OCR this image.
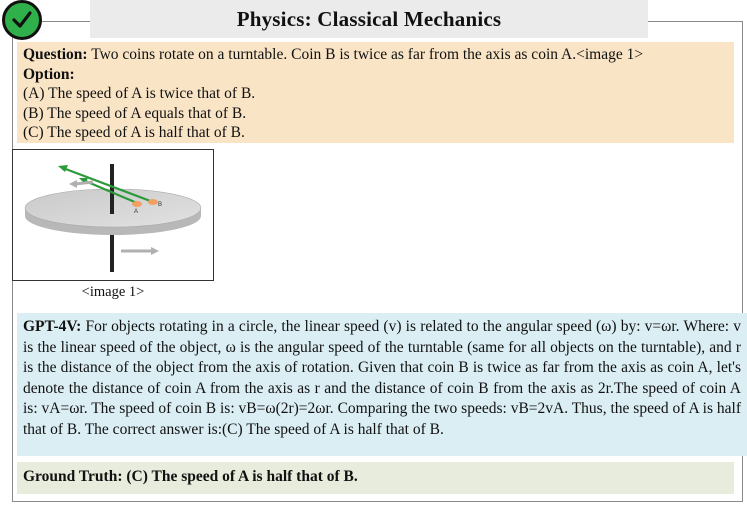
Physics: Classical Mechanics

Question: Two coins rotate on a turntable. Coin B is twice as far from the axis as coin A.<image 1>

Option:

(A) The speed of A is twice that of B.

(B) The speed of A equals that of B.

(C) The speed of A is half that of B.

A
B
<image 1>

GPT-4V: For objects rotating in a circle, the linear speed (v) is related to the angular speed (ω) by: v=ωr. Where: v is the linear speed of the object, ω is the angular speed of the turntable (same for all objects on the turntable), and r is the distance of the object from the axis of rotation. Given that coin B is twice as far from the axis as coin A, let's denote the distance of coin A from the axis as r and the distance of coin B from the axis as 2r.The speed of coin A is: vA=ωr. The speed of coin B is: vB=ω(2r)=2ωr. Comparing the two speeds: vB=2vA. Thus, the speed of A is half that of B. The correct answer is:(C) The speed of A is half that of B.

Ground Truth: (C) The speed of A is half that of B.
